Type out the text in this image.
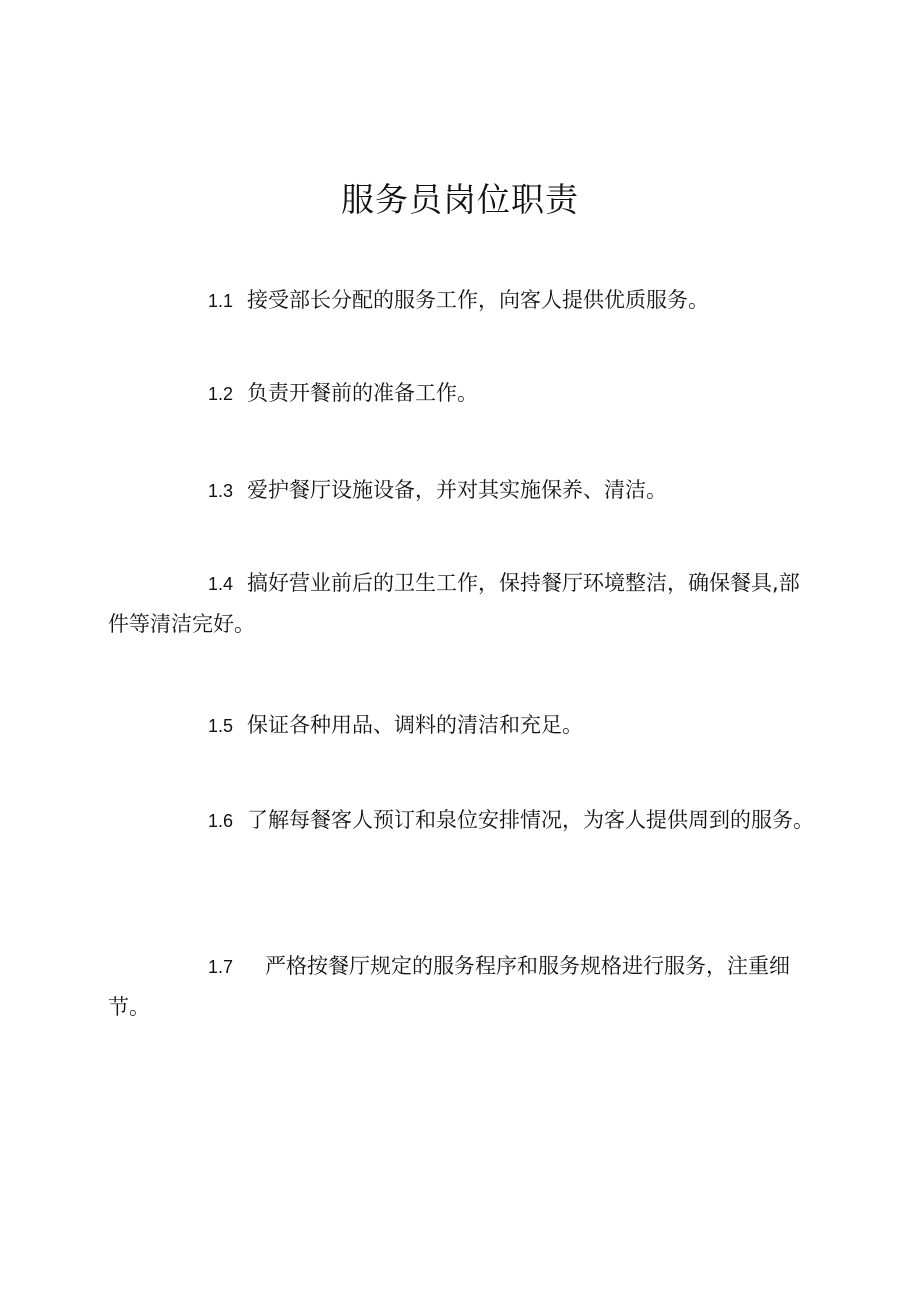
服务员岗位职责

1.1 接受部长分配的服务工作，向客人提供优质服务。

1.2 负责开餐前的准备工作。

1.3 爱护餐厅设施设备，并对其实施保养、清洁。

1.4 搞好营业前后的卫生工作，保持餐厅环境整洁，确保餐具,部件等清洁完好。

1.5 保证各种用品、调料的清洁和充足。

1.6 了解每餐客人预订和泉位安排情况，为客人提供周到的服务。

1.7 严格按餐厅规定的服务程序和服务规格进行服务，注重细节。
